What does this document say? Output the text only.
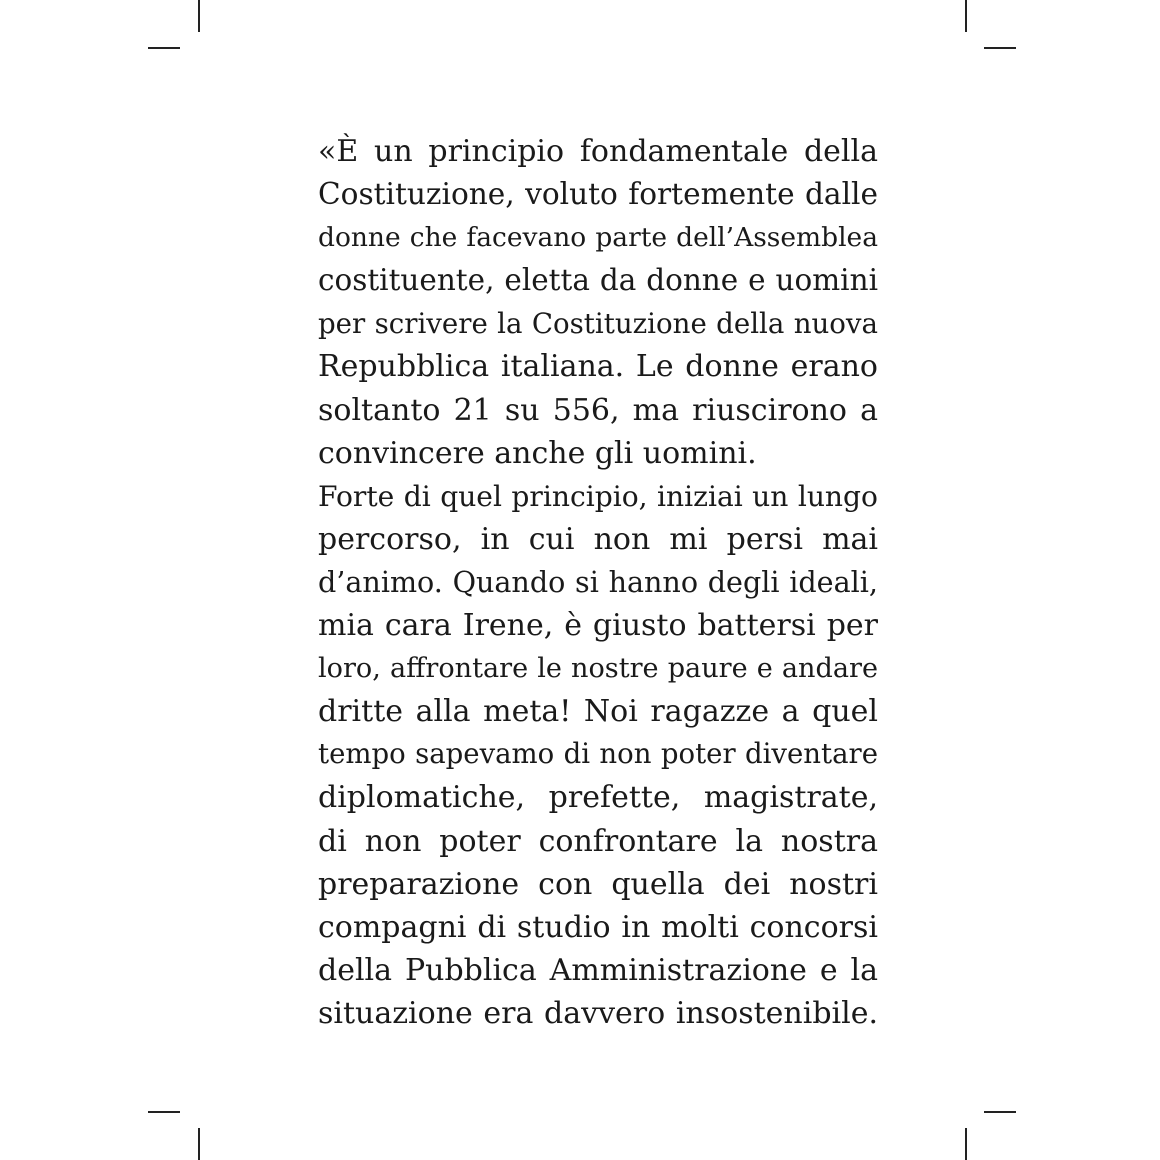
«È un principio fondamentale della
Costituzione, voluto fortemente dalle
donne che facevano parte dell’Assemblea
costituente, eletta da donne e uomini
per scrivere la Costituzione della nuova
Repubblica italiana. Le donne erano
soltanto 21 su 556, ma riuscirono a
convincere anche gli uomini.
Forte di quel principio, iniziai un lungo
percorso, in cui non mi persi mai
d’animo. Quando si hanno degli ideali,
mia cara Irene, è giusto battersi per
loro, affrontare le nostre paure e andare
dritte alla meta! Noi ragazze a quel
tempo sapevamo di non poter diventare
diplomatiche, prefette, magistrate,
di non poter confrontare la nostra
preparazione con quella dei nostri
compagni di studio in molti concorsi
della Pubblica Amministrazione e la
situazione era davvero insostenibile.
